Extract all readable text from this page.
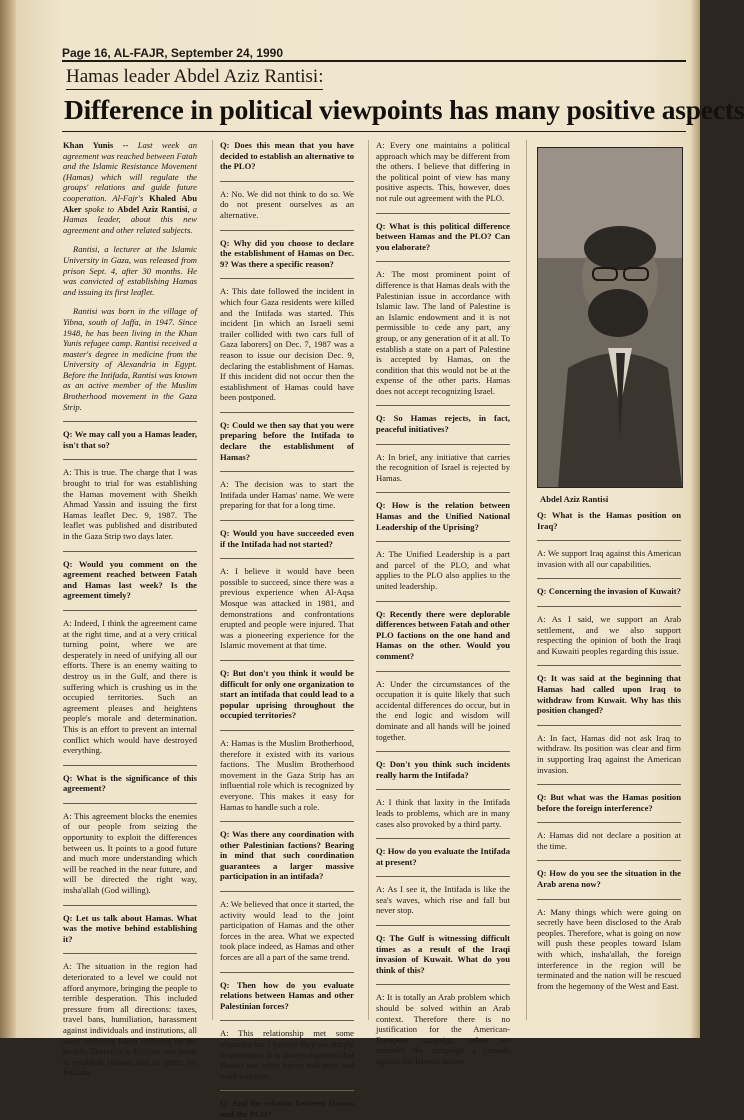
Page 16, AL-FAJR, September 24, 1990
Hamas leader Abdel Aziz Rantisi:
Difference in political viewpoints has many positive aspects

Khan Yunis -- Last week an agreement was reached between Fatah and the Islamic Resistance Movement (Hamas) which will regulate the groups' relations and guide future cooperation. Al-Fajr's Khaled Abu Aker spoke to Abdel Aziz Rantisi, a Hamas leader, about this new agreement and other related subjects.

Rantisi, a lecturer at the Islamic University in Gaza, was released from prison Sept. 4, after 30 months. He was convicted of establishing Hamas and issuing its first leaflet.

Rantisi was born in the village of Yibna, south of Jaffa, in 1947. Since 1948, he has been living in the Khan Yunis refugee camp. Rantisi received a master's degree in medicine from the University of Alexandria in Egypt. Before the Intifada, Rantisi was known as an active member of the Muslim Brotherhood movement in the Gaza Strip.

Q: We may call you a Hamas leader, isn't that so?

A: This is true. The charge that I was brought to trial for was establishing the Hamas movement with Sheikh Ahmad Yassin and issuing the first Hamas leaflet Dec. 9, 1987. The leaflet was published and distributed in the Gaza Strip two days later.

Q: Would you comment on the agreement reached between Fatah and Hamas last week? Is the agreement timely?

A: Indeed, I think the agreement came at the right time, and at a very critical turning point, where we are desperately in need of unifying all our efforts. There is an enemy waiting to destroy us in the Gulf, and there is suffering which is crushing us in the occupied territories. Such an agreement pleases and heightens people's morale and determination. This is an effort to prevent an internal conflict which would have destroyed everything.

Q: What is the significance of this agreement?

A: This agreement blocks the enemies of our people from seizing the opportunity to exploit the differences between us. It points to a good future and much more understanding which will be reached in the near future, and will be directed the right way, insha'allah (God willing).

Q: Let us talk about Hamas. What was the motive behind establishing it?

A: The situation in the region had deteriorated to a level we could not afford anymore, bringing the people to terrible desperation. This included pressure from all directions: taxes, travel bans, humiliation, harassment against individuals and institutions, all these inflicting harsh suffering on the people. Therefore a decision was made to establish Hamas, and to ignite the Intifada.

Q: Does this mean that you have decided to establish an alternative to the PLO?

A: No. We did not think to do so. We do not present ourselves as an alternative.

Q: Why did you choose to declare the establishment of Hamas on Dec. 9? Was there a specific reason?

A: This date followed the incident in which four Gaza residents were killed and the Intifada was started. This incident [in which an Israeli semi trailer collided with two cars full of Gaza laborers] on Dec. 7, 1987 was a reason to issue our decision Dec. 9, declaring the establishment of Hamas. If this incident did not occur then the establishment of Hamas could have been postponed.

Q: Could we then say that you were preparing before the Intifada to declare the establishment of Hamas?

A: The decision was to start the Intifada under Hamas' name. We were preparing for that for a long time.

Q: Would you have succeeded even if the Intifada had not started?

A: I believe it would have been possible to succeed, since there was a previous experience when Al-Aqsa Mosque was attacked in 1981, and demonstrations and confrontations erupted and people were injured. That was a pioneering experience for the Islamic movement at that time.

Q: But don't you think it would be difficult for only one organization to start an intifada that could lead to a popular uprising throughout the occupied territories?

A: Hamas is the Muslim Brotherhood, therefore it existed with its various factions. The Muslim Brotherhood movement in the Gaza Strip has an influential role which is recognized by everyone. This makes it easy for Hamas to handle such a role.

Q: Was there any coordination with other Palestinian factions? Bearing in mind that such coordination guarantees a larger massive participation in an intifada?

A: We believed that once it started, the activity would lead to the joint participation of Hamas and the other forces in the area. What we expected took place indeed, as Hamas and other forces are all a part of the same trend.

Q: Then how do you evaluate relations between Hamas and other Palestinian forces?

A: This relationship met some obstacles but I believe they are simple to overcome. It is always expected that Hamas and other forces will meet and work together.

Q: And the relation between Hamas and the PLO?

A: Every one maintains a political approach which may be different from the others. I believe that differing in the political point of view has many positive aspects. This, however, does not rule out agreement with the PLO.

Q: What is this political difference between Hamas and the PLO? Can you elaborate?

A: The most prominent point of difference is that Hamas deals with the Palestinian issue in accordance with Islamic law. The land of Palestine is an Islamic endowment and it is not permissible to cede any part, any group, or any generation of it at all. To establish a state on a part of Palestine is accepted by Hamas, on the condition that this would not be at the expense of the other parts. Hamas does not accept recognizing Israel.

Q: So Hamas rejects, in fact, peaceful initiatives?

A: In brief, any initiative that carries the recognition of Israel is rejected by Hamas.

Q: How is the relation between Hamas and the Unified National Leadership of the Uprising?

A: The Unified Leadership is a part and parcel of the PLO, and what applies to the PLO also applies to the united leadership.

Q: Recently there were deplorable differences between Fatah and other PLO factions on the one hand and Hamas on the other. Would you comment?

A: Under the circumstances of the occupation it is quite likely that such accidental differences do occur, but in the end logic and wisdom will dominate and all hands will be joined together.

Q: Don't you think such incidents really harm the Intifada?

A: I think that laxity in the Intifada leads to problems, which are in many cases also provoked by a third party.

Q: How do you evaluate the Intifada at present?

A: As I see it, the Intifada is like the sea's waves, which rise and fall but never stop.

Q: The Gulf is witnessing difficult times as a result of the Iraqi invasion of Kuwait. What do you think of this?

A: It is totally an Arab problem which should be solved within an Arab context. Therefore there is no justification for the American-European campaign, unless we consider the campaign a crusade against the Islamic nation.

Abdel Aziz Rantisi

Q: What is the Hamas position on Iraq?

A: We support Iraq against this American invasion with all our capabilities.

Q: Concerning the invasion of Kuwait?

A: As I said, we support an Arab settlement, and we also support respecting the opinion of both the Iraqi and Kuwaiti peoples regarding this issue.

Q: It was said at the beginning that Hamas had called upon Iraq to withdraw from Kuwait. Why has this position changed?

A: In fact, Hamas did not ask Iraq to withdraw. Its position was clear and firm in supporting Iraq against the American invasion.

Q: But what was the Hamas position before the foreign interference?

A: Hamas did not declare a position at the time.

Q: How do you see the situation in the Arab arena now?

A: Many things which were going on secretly have been disclosed to the Arab peoples. Therefore, what is going on now will push these peoples toward Islam with which, insha'allah, the foreign interference in the region will be terminated and the nation will be rescued from the hegemony of the West and East.
